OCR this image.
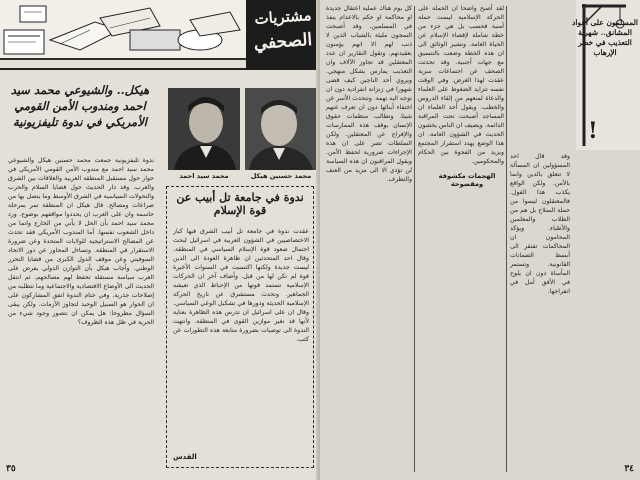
مشتريات
الصحفي
هيكل.. والشيوعي محمد سيد احمد ومندوب الأمن القومي الأمريكي في ندوة تليفزيونية
محمد سيد احمد	محمد حسنين هيكل
ندوة تليفزيونية جمعت محمد حسنين هيكل والشيوعي محمد سيد احمد مع مندوب الأمن القومي الأمريكي في حوار حول مستقبل المنطقة العربية والعلاقات بين الشرق والغرب. وقد دار الحديث حول قضايا السلام والحرب والتحولات السياسية في الشرق الأوسط وما يتصل بها من صراعات ومصالح. قال هيكل ان المنطقة تمر بمرحلة حاسمة وان على العرب ان يحددوا مواقفهم بوضوح. ورد محمد سيد احمد بأن الحل لا يأتي من الخارج وانما من داخل الشعوب نفسها. أما المندوب الأمريكي فقد تحدث عن المصالح الاستراتيجية للولايات المتحدة وعن ضرورة الاستقرار في المنطقة. وتساءل المحاور عن دور الاتحاد السوفيتي وعن موقف الدول الكبرى من قضايا التحرر الوطني. وأجاب هيكل بأن التوازن الدولي يفرض على العرب سياسة مستقلة تحفظ لهم مصالحهم. ثم انتقل الحديث الى الأوضاع الاقتصادية والاجتماعية وما تتطلبه من إصلاحات جذرية. وفي ختام الندوة اتفق المشاركون على ان الحوار هو السبيل الوحيد لتجاوز الأزمات. ولكن يبقى السؤال مطروحا: هل يمكن ان نتصور وجود شيء من الحرية في ظل هذه الظروف؟
ندوة في جامعة تل أبيب عن قوة الإسلام
عقدت ندوة في جامعة تل أبيب الشرق فيها كبار الاختصاصيين في الشؤون العربية في اسرائيل لبحث احتمال صعود قوة الإسلام السياسي في المنطقة. وقال احد المتحدثين ان ظاهرة العودة الى الدين ليست جديدة ولكنها اكتسبت في السنوات الأخيرة قوة لم تكن لها من قبل. وأضاف آخر ان الحركات الإسلامية تستمد قوتها من الإحباط الذي تعيشه الجماهير. وتحدث مستشرق عن تاريخ الحركة الإسلامية الحديثة ودورها في تشكيل الوعي السياسي. وقال ان على اسرائيل ان تدرس هذه الظاهرة بعناية لأنها قد تغير موازين القوى في المنطقة. وانتهت الندوة الى توصيات بضرورة متابعة هذه التطورات عن كثب.
القدس
٣٥
كل يوم هناك عملية اعتقال جديدة او محاكمة او حكم بالاعدام ينفذ في المسلمين. وقد أصبحت السجون مليئة بالشباب الذين لا ذنب لهم الا انهم يؤمنون بعقيدتهم. وتقول التقارير ان عدد المعتقلين قد تجاوز الآلاف وان التعذيب يمارس بشكل منهجي. ويروي أحد الناجين كيف قضى شهورا في زنزانة انفرادية دون ان توجه اليه تهمة. وتتحدث الأسر عن اختفاء أبنائها دون ان تعرف عنهم شيئا. وتطالب منظمات حقوق الإنسان بوقف هذه الممارسات والإفراج عن المعتقلين. ولكن السلطات تصر على ان هذه الإجراءات ضرورية لحفظ الأمن. ويقول المراقبون ان هذه السياسة لن تؤدي الا الى مزيد من العنف والتطرف.
لقد أصبح واضحا ان الحملة على الحركة الإسلامية ليست حملة أمنية فحسب بل هي جزء من خطة شاملة لإقصاء الإسلام عن الحياة العامة. وتشير الوثائق الى ان هذه الخطة وضعت بالتنسيق مع جهات أجنبية. وقد تحدثت الصحف عن اجتماعات سرية عقدت لهذا الغرض. وفي الوقت نفسه تتزايد الضغوط على العلماء والدعاة لمنعهم من إلقاء الدروس والخطب. ويقول أحد العلماء ان المساجد أصبحت تحت المراقبة الدائمة. ويضيف ان الناس يخشون الحديث في الشؤون العامة. ان هذا الوضع يهدد استقرار المجتمع ويزيد من الفجوة بين الحكام والمحكومين.
وقد قال احد المسؤولين ان المسألة لا تتعلق بالدين وانما بالأمن. ولكن الواقع يكذب هذا القول. فالمعتقلون ليسوا من حملة السلاح بل هم من الطلاب والمعلمين والأطباء. ويؤكد المحامون ان المحاكمات تفتقر الى أبسط الضمانات القانونية. وتستمر المأساة دون ان يلوح في الأفق أمل في انفراجها.
الهجمات مكشوفة ومفضوحة
المسلمون على أعواد المشانق.. شهرية التعذيب في خطر الإرهاب
!
٣٤
